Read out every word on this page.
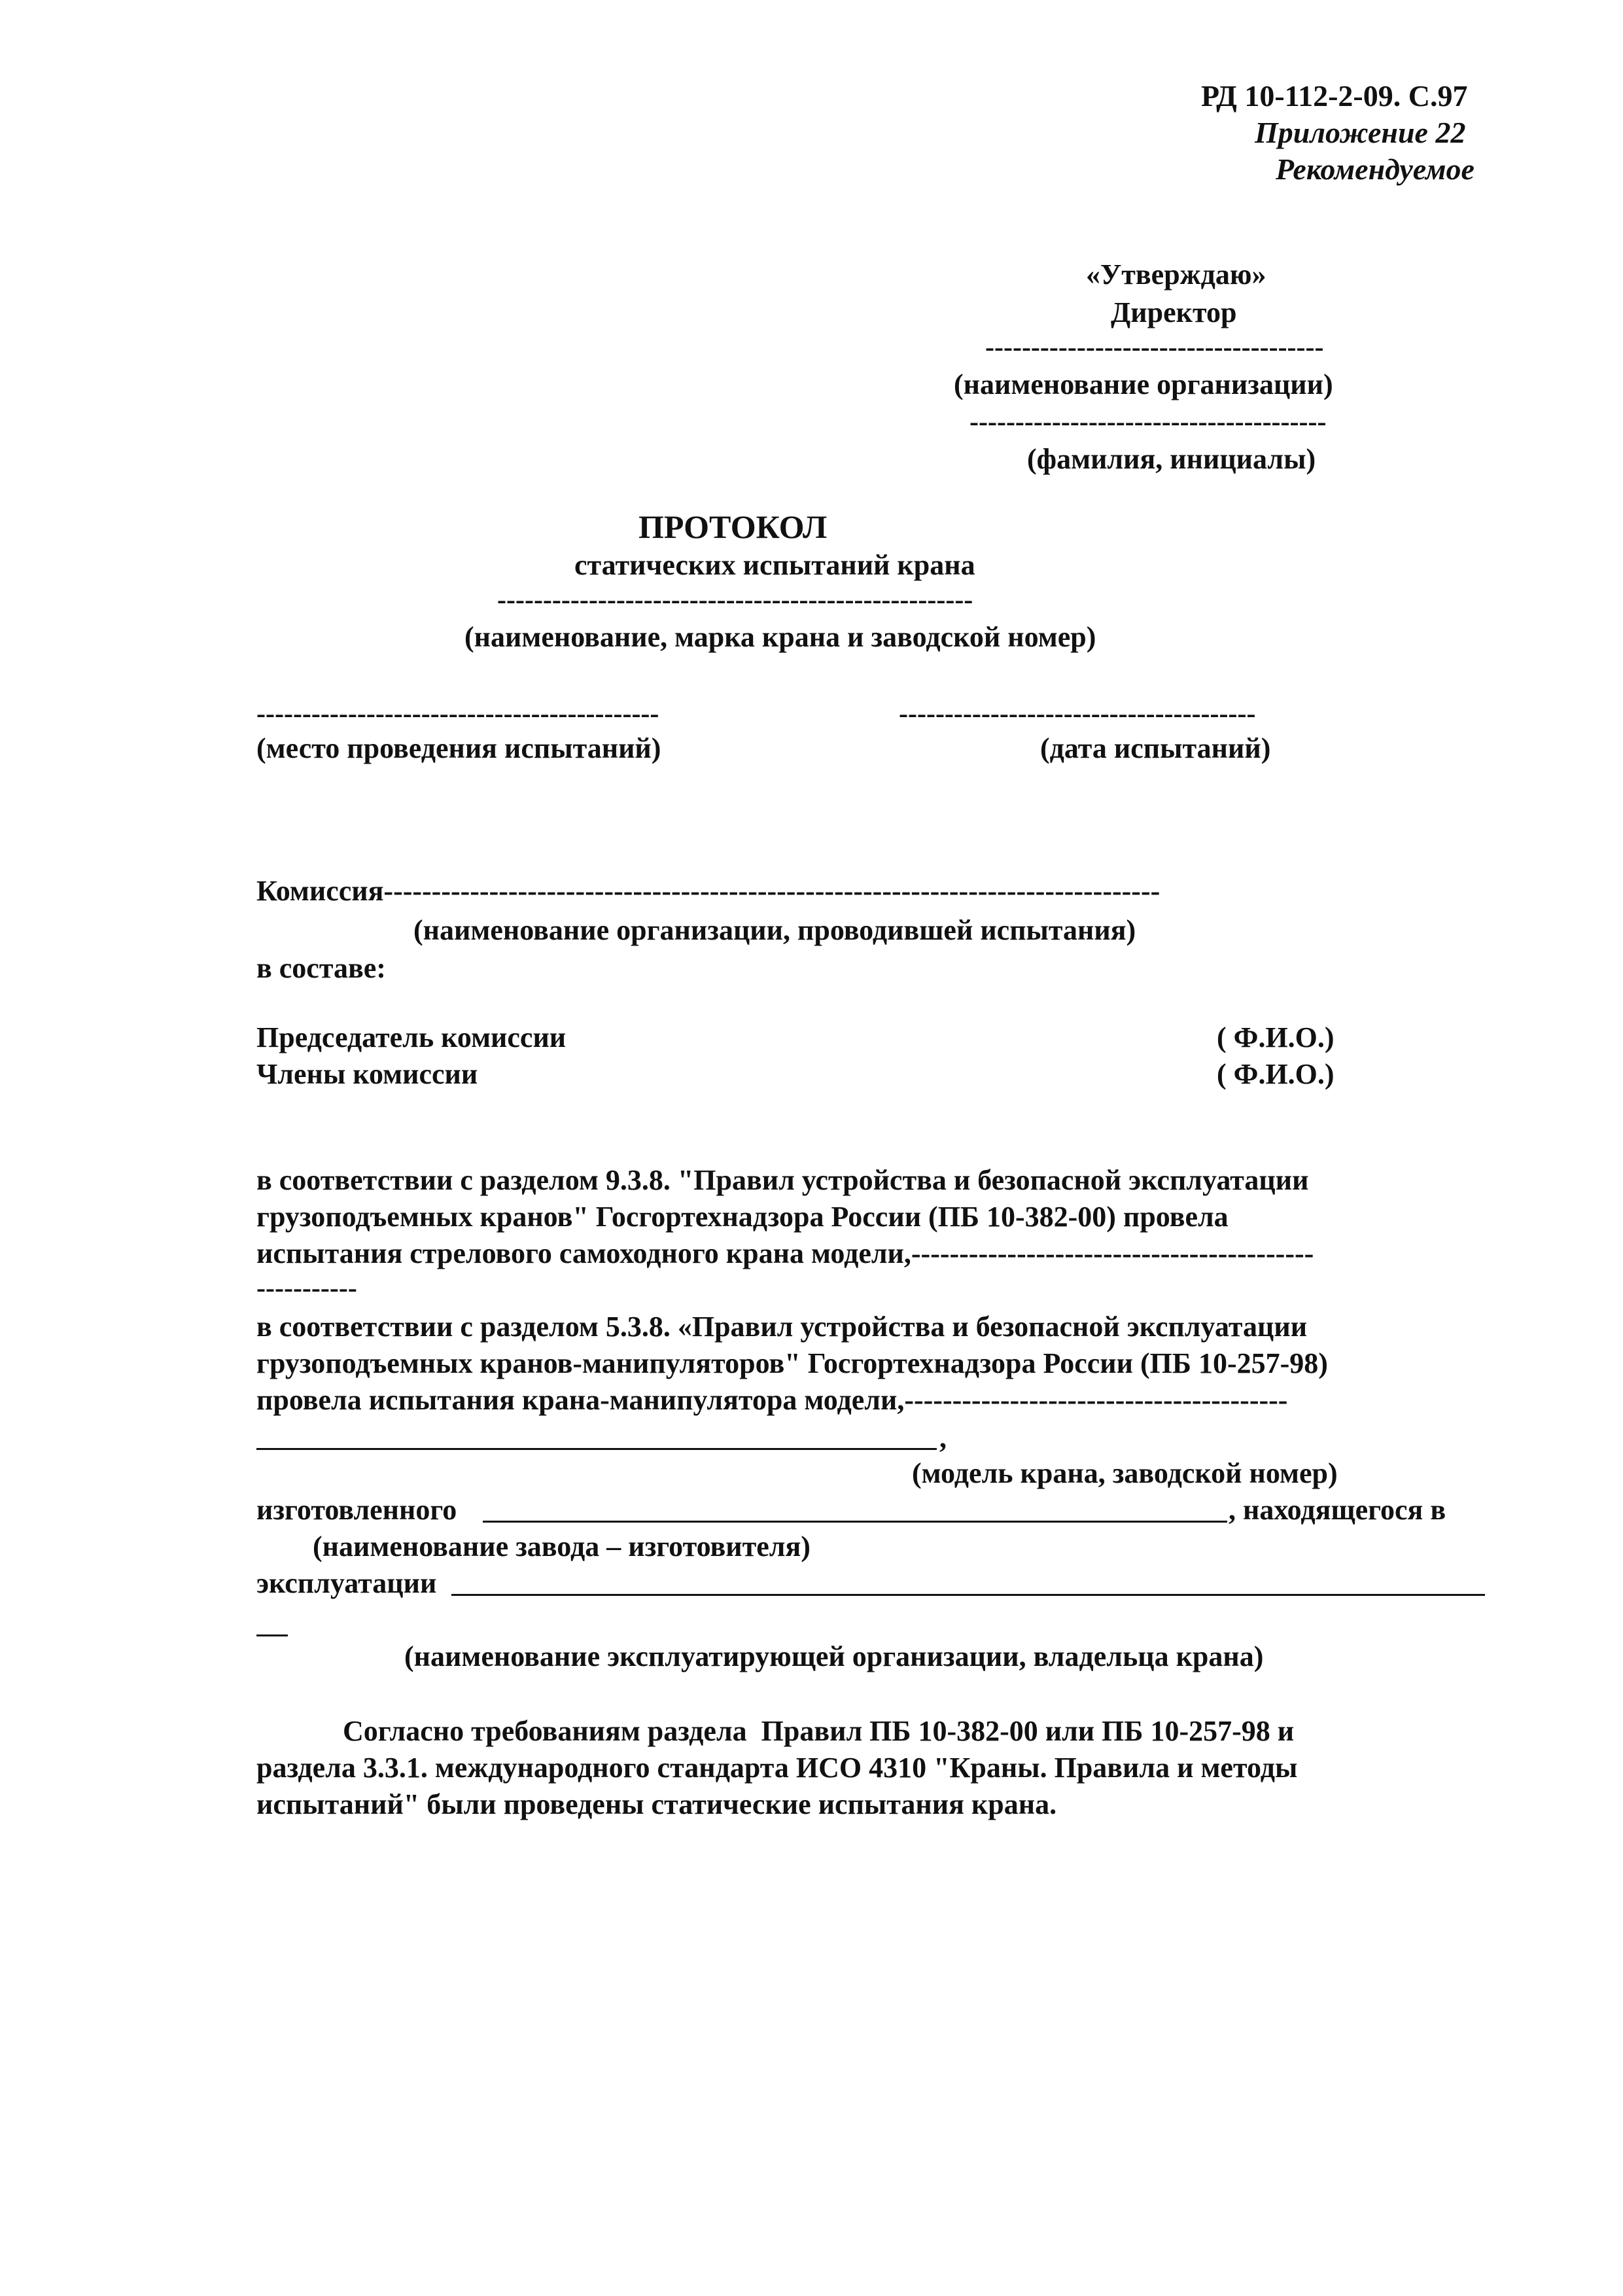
РД 10-112-2-09. С.97
Приложение 22
Рекомендуемое
«Утверждаю»
Директор
-------------------------------------
(наименование организации)
---------------------------------------
(фамилия, инициалы)
ПРОТОКОЛ
статических испытаний крана
----------------------------------------------------
(наименование, марка крана и заводской номер)
--------------------------------------------	---------------------------------------
(место проведения испытаний)	(дата испытаний)
Комиссия---------------------------------------------------------------------------------
(наименование организации, проводившей испытания)
в составе:
Председатель комиссии	( Ф.И.О.)
Члены комиссии	( Ф.И.О.)
в соответствии с разделом 9.3.8. "Правил устройства и безопасной эксплуатации
грузоподъемных кранов" Госгортехнадзора России (ПБ 10-382-00) провела
испытания стрелового самоходного крана модели,------------------------------------------
-----------
в соответствии с разделом 5.3.8. «Правил устройства и безопасной эксплуатации
грузоподъемных кранов-манипуляторов" Госгортехнадзора России (ПБ 10-257-98)
провела испытания крана-манипулятора модели,----------------------------------------
,
(модель крана, заводской номер)
изготовленного	, находящегося в
(наименование завода – изготовителя)
эксплуатации
(наименование эксплуатирующей организации, владельца крана)
Согласно требованиям раздела  Правил ПБ 10-382-00 или ПБ 10-257-98 и
раздела 3.3.1. международного стандарта ИСО 4310 "Краны. Правила и методы
испытаний" были проведены статические испытания крана.
